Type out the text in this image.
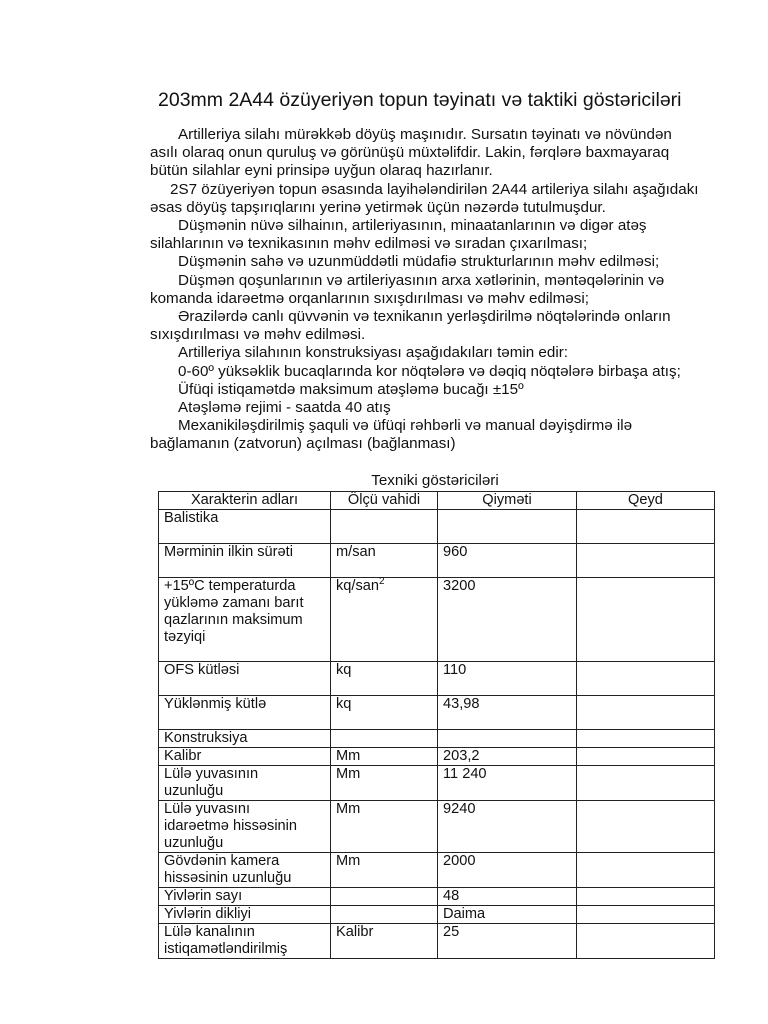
203mm 2A44 özüyeriyən topun təyinatı və taktiki göstəriciləri

Artilleriya silahı mürəkkəb döyüş maşınıdır. Sursatın təyinatı və növündən

asılı olaraq onun quruluş və görünüşü müxtəlifdir. Lakin, fərqlərə baxmayaraq

bütün silahlar eyni prinsipə uyğun olaraq hazırlanır.

2S7 özüyeriyən topun əsasında layihələndirilən 2A44 artileriya silahı aşağıdakı

əsas döyüş tapşırıqlarını yerinə yetirmək üçün nəzərdə tutulmuşdur.

Düşmənin nüvə silhainın, artileriyasının, minaatanlarının və digər atəş

silahlarının və texnikasının məhv edilməsi və sıradan çıxarılması;

Düşmənin sahə və uzunmüddətli müdafiə strukturlarının məhv edilməsi;

Düşmən qoşunlarının və artileriyasının arxa xətlərinin, məntəqələrinin və

komanda idarəetmə orqanlarının sıxışdırılması və məhv edilməsi;

Ərazilərdə canlı qüvvənin və texnikanın yerləşdirilmə nöqtələrində onların

sıxışdırılması və məhv edilməsi.

Artilleriya silahının konstruksiyası aşağıdakıları təmin edir:

0-60º yüksəklik bucaqlarında kor nöqtələrə və dəqiq nöqtələrə birbaşa atış;

Üfüqi istiqamətdə maksimum atəşləmə bucağı ±15º

Atəşləmə rejimi - saatda 40 atış

Mexanikiləşdirilmiş şaquli və üfüqi rəhbərli və manual dəyişdirmə ilə

bağlamanın (zatvorun) açılması (bağlanması)

Texniki göstəriciləri
Xarakterin adları	Ölçü vahidi	Qiymәti	Qeyd

Balistika			

Mərminin ilkin sürəti	m/san	960	

+15ºC temperaturda
yükləmə zamanı barıt
qazlarının maksimum
təzyiqi	kq/san$^2$	3200	

OFS kütləsi	kq	110	

Yüklənmiş kütlə	kq	43,98	

Konstruksiya			

Kalibr	Mm	203,2	

Lülə yuvasının
uzunluğu	Mm	11 240	

Lülə yuvasını
idarəetmə hissəsinin
uzunluğu	Mm	9240	

Gövdənin kamera
hissəsinin uzunluğu	Mm	2000	

Yivlərin sayı		48	

Yivlərin dikliyi		Daima	

Lülə kanalının
istiqamətləndirilmiş	Kalibr	25	
